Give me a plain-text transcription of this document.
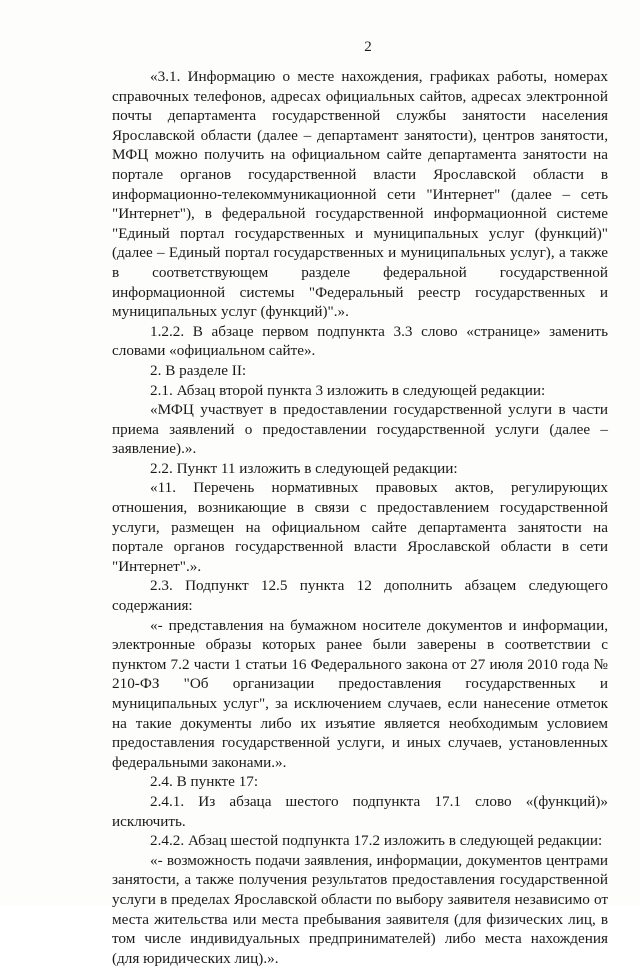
2

«3.1. Информацию о месте нахождения, графиках работы, номерах справочных телефонов, адресах официальных сайтов, адресах электронной почты департамента государственной службы занятости населения Ярославской области (далее – департамент занятости), центров занятости, МФЦ можно получить на официальном сайте департамента занятости на портале органов государственной власти Ярославской области в информационно-телекоммуникационной сети "Интернет" (далее – сеть "Интернет"), в федеральной государственной информационной системе "Единый портал государственных и муниципальных услуг (функций)" (далее – Единый портал государственных и муниципальных услуг), а также в соответствующем разделе федеральной государственной информационной системы "Федеральный реестр государственных и муниципальных услуг (функций)".».

1.2.2. В абзаце первом подпункта 3.3 слово «странице» заменить словами «официальном сайте».

2. В разделе II:

2.1. Абзац второй пункта 3 изложить в следующей редакции:

«МФЦ участвует в предоставлении государственной услуги в части приема заявлений о предоставлении государственной услуги (далее – заявление).».

2.2. Пункт 11 изложить в следующей редакции:

«11. Перечень нормативных правовых актов, регулирующих отношения, возникающие в связи с предоставлением государственной услуги, размещен на официальном сайте департамента занятости на портале органов государственной власти Ярославской области в сети "Интернет".».

2.3. Подпункт 12.5 пункта 12 дополнить абзацем следующего содержания:

«- представления на бумажном носителе документов и информации, электронные образы которых ранее были заверены в соответствии с пунктом 7.2 части 1 статьи 16 Федерального закона от 27 июля 2010 года № 210-ФЗ "Об организации предоставления государственных и муниципальных услуг", за исключением случаев, если нанесение отметок на такие документы либо их изъятие является необходимым условием предоставления государственной услуги, и иных случаев, установленных федеральными законами.».

2.4. В пункте 17:

2.4.1. Из абзаца шестого подпункта 17.1 слово «(функций)» исключить.

2.4.2. Абзац шестой подпункта 17.2 изложить в следующей редакции:

«- возможность подачи заявления, информации, документов центрами занятости, а также получения результатов предоставления государственной услуги в пределах Ярославской области по выбору заявителя независимо от места жительства или места пребывания заявителя (для физических лиц, в том числе индивидуальных предпринимателей) либо места нахождения (для юридических лиц).».
